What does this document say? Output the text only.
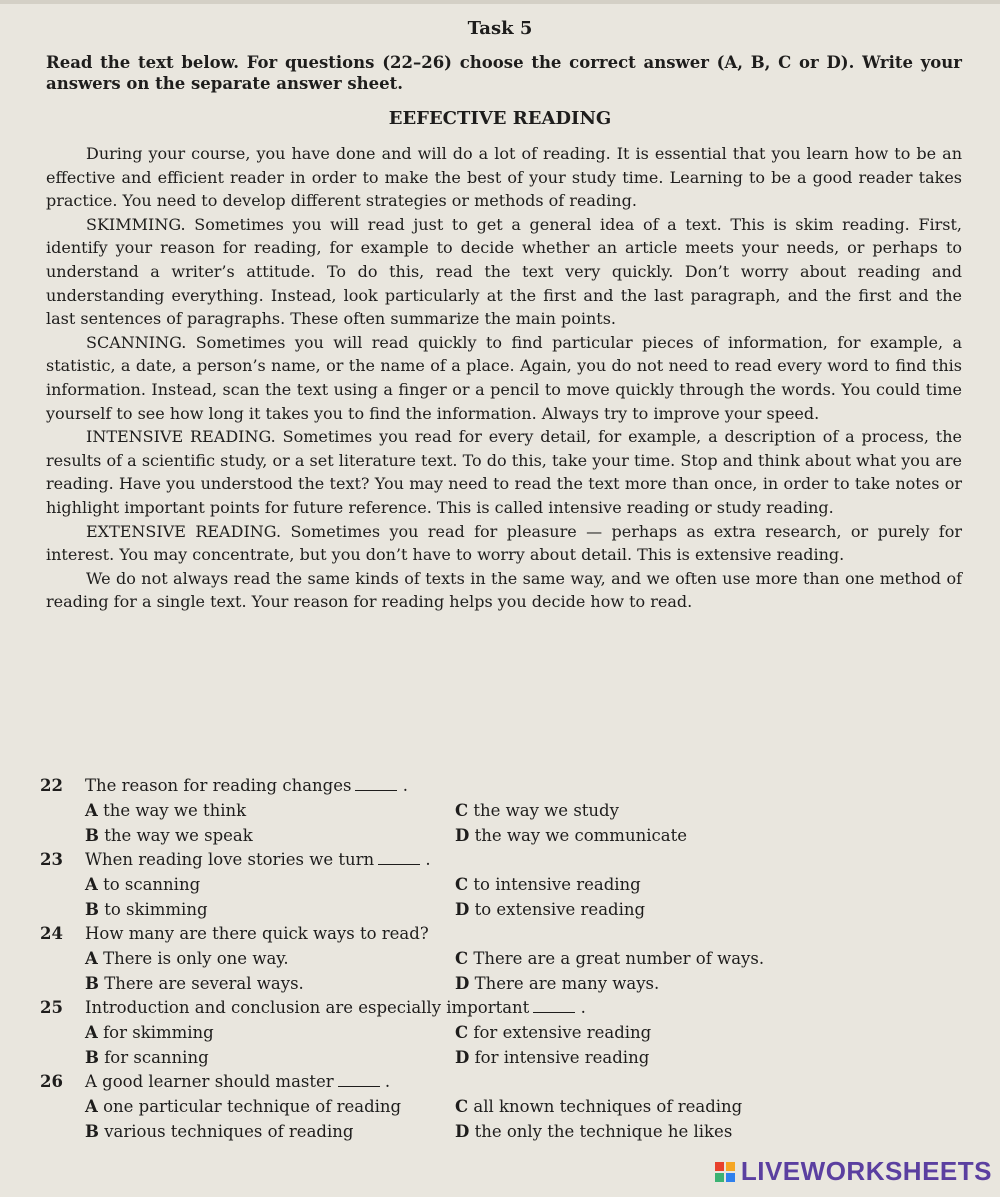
Task 5
Read the text below. For questions (22–26) choose the correct answer (A, B, C or D). Write your answers on the separate answer sheet.
EEFECTIVE READING

During your course, you have done and will do a lot of reading. It is essential that you learn how to be an effective and efficient reader in order to make the best of your study time. Learning to be a good reader takes practice. You need to develop different strategies or methods of reading.

SKIMMING. Sometimes you will read just to get a general idea of a text. This is skim reading. First, identify your reason for reading, for example to decide whether an article meets your needs, or perhaps to understand a writer’s attitude. To do this, read the text very quickly. Don’t worry about reading and understanding everything. Instead, look particularly at the first and the last paragraph, and the first and the last sentences of paragraphs. These often summarize the main points.

SCANNING. Sometimes you will read quickly to find particular pieces of information, for example, a statistic, a date, a person’s name, or the name of a place. Again, you do not need to read every word to find this information. Instead, scan the text using a finger or a pencil to move quickly through the words. You could time yourself to see how long it takes you to find the information. Always try to improve your speed.

INTENSIVE READING. Sometimes you read for every detail, for example, a description of a process, the results of a scientific study, or a set literature text. To do this, take your time. Stop and think about what you are reading. Have you understood the text? You may need to read the text more than once, in order to take notes or highlight important points for future reference. This is called intensive reading or study reading.

EXTENSIVE READING. Sometimes you read for pleasure — perhaps as extra research, or purely for interest. You may concentrate, but you don’t have to worry about detail. This is extensive reading.

We do not always read the same kinds of texts in the same way, and we often use more than one method of reading for a single text. Your reason for reading helps you decide how to read.

22	The reason for reading changes	.
A the way we think	C the way we study
B the way we speak	D the way we communicate
23	When reading love stories we turn	.
A to scanning	C to intensive reading
B to skimming	D to extensive reading
24	How many are there quick ways to read?
A There is only one way.	C There are a great number of ways.
B There are several ways.	D There are many ways.
25	Introduction and conclusion are especially important	.
A for skimming	C for extensive reading
B for scanning	D for intensive reading
26	A good learner should master	.
A one particular technique of reading	C all known techniques of reading
B various techniques of reading	D the only the technique he likes
LIVEWORKSHEETS
